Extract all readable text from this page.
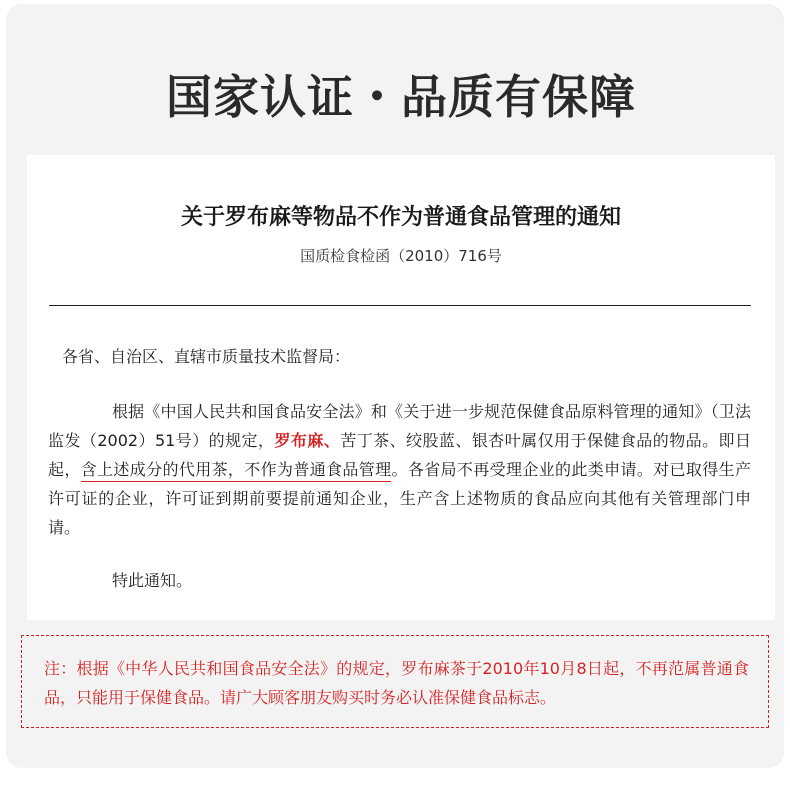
国家认证・品质有保障
关于罗布麻等物品不作为普通食品管理的通知
国质检食检函（2010）716号
各省、自治区、直辖市质量技术监督局：
根据《中国人民共和国食品安全法》和《关于进一步规范保健食品原料管理的通知》（卫法监发（2002）51号）的规定，罗布麻、苦丁茶、绞股蓝、银杏叶属仅用于保健食品的物品。即日起，含上述成分的代用茶，不作为普通食品管理。各省局不再受理企业的此类申请。对已取得生产许可证的企业，许可证到期前要提前通知企业，生产含上述物质的食品应向其他有关管理部门申请。
特此通知。
注：根据《中华人民共和国食品安全法》的规定，罗布麻茶于2010年10月8日起，不再范属普通食品，只能用于保健食品。请广大顾客朋友购买时务必认准保健食品标志。
